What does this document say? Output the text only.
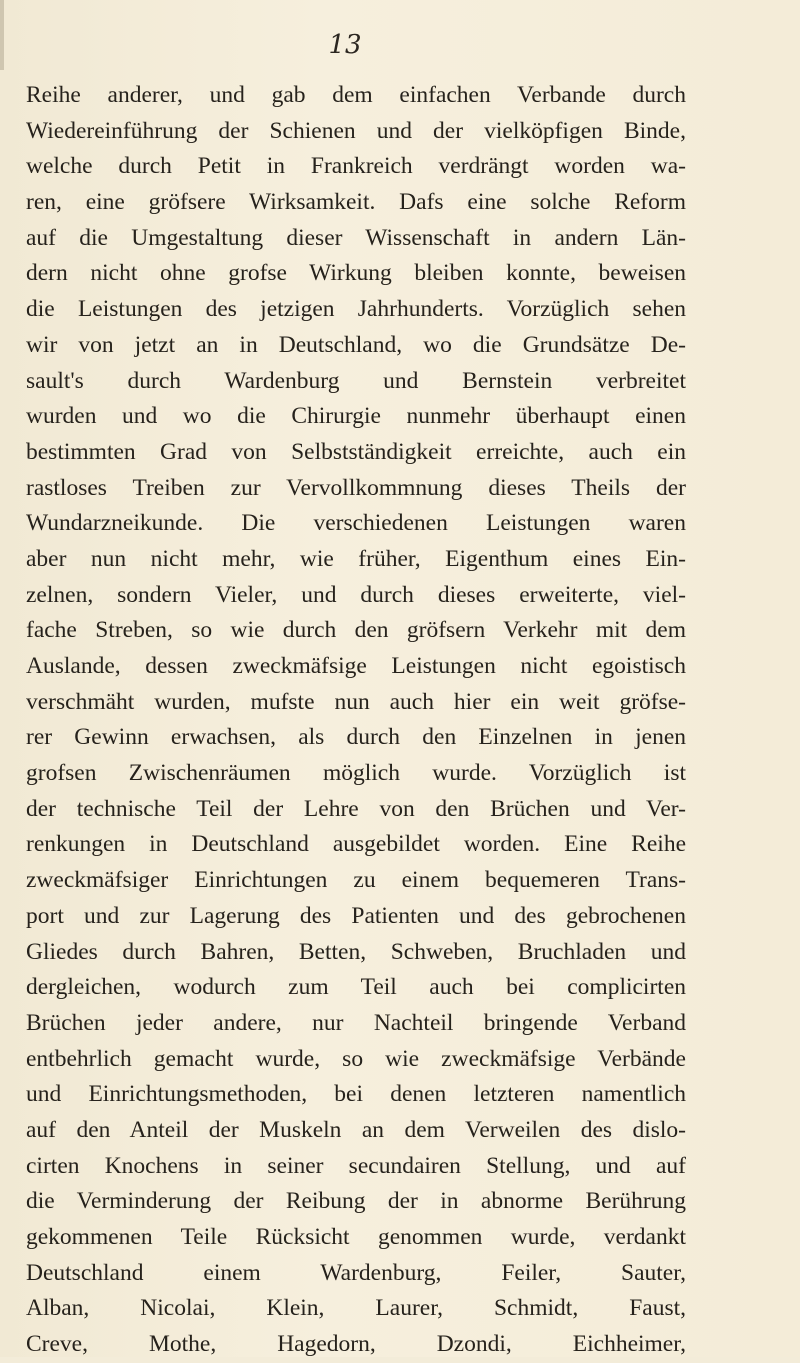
13

Reihe anderer, und gab dem einfachen Verbande durch
Wiedereinführung der Schienen und der vielköpfigen Binde,
welche durch Petit in Frankreich verdrängt worden wa-
ren, eine gröfsere Wirksamkeit. Dafs eine solche Reform
auf die Umgestaltung dieser Wissenschaft in andern Län-
dern nicht ohne grofse Wirkung bleiben konnte, beweisen
die Leistungen des jetzigen Jahrhunderts. Vorzüglich sehen
wir von jetzt an in Deutschland, wo die Grundsätze De-
sault's durch Wardenburg und Bernstein verbreitet
wurden und wo die Chirurgie nunmehr überhaupt einen
bestimmten Grad von Selbstständigkeit erreichte, auch ein
rastloses Treiben zur Vervollkommnung dieses Theils der
Wundarzneikunde. Die verschiedenen Leistungen waren
aber nun nicht mehr, wie früher, Eigenthum eines Ein-
zelnen, sondern Vieler, und durch dieses erweiterte, viel-
fache Streben, so wie durch den gröfsern Verkehr mit dem
Auslande, dessen zweckmäfsige Leistungen nicht egoistisch
verschmäht wurden, mufste nun auch hier ein weit gröfse-
rer Gewinn erwachsen, als durch den Einzelnen in jenen
grofsen Zwischenräumen möglich wurde. Vorzüglich ist
der technische Teil der Lehre von den Brüchen und Ver-
renkungen in Deutschland ausgebildet worden. Eine Reihe
zweckmäfsiger Einrichtungen zu einem bequemeren Trans-
port und zur Lagerung des Patienten und des gebrochenen
Gliedes durch Bahren, Betten, Schweben, Bruchladen und
dergleichen, wodurch zum Teil auch bei complicirten
Brüchen jeder andere, nur Nachteil bringende Verband
entbehrlich gemacht wurde, so wie zweckmäfsige Verbände
und Einrichtungsmethoden, bei denen letzteren namentlich
auf den Anteil der Muskeln an dem Verweilen des dislo-
cirten Knochens in seiner secundairen Stellung, und auf
die Verminderung der Reibung der in abnorme Berührung
gekommenen Teile Rücksicht genommen wurde, verdankt
Deutschland einem Wardenburg, Feiler, Sauter,
Alban, Nicolai, Klein, Laurer, Schmidt, Faust,
Creve, Mothe, Hagedorn, Dzondi, Eichheimer,
